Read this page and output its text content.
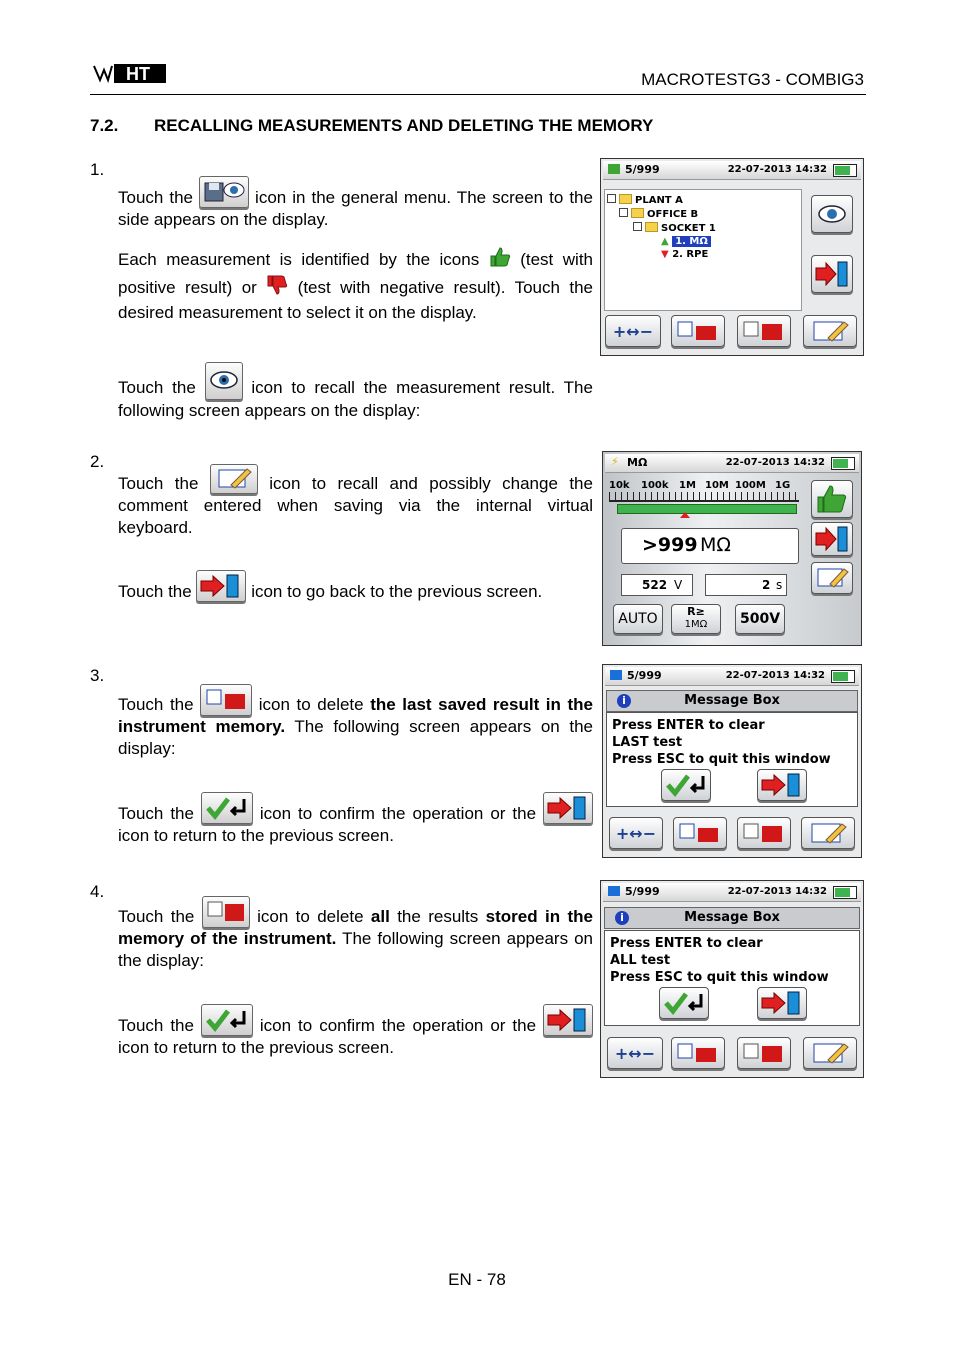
HT	MACROTESTG3 - COMBIG3
7.2. RECALLING MEASUREMENTS AND DELETING THE MEMORY
1.
Touch the	icon in the general menu. The screen to the side appears on the display.
Each measurement is identified by the icons (test with positive result) or (test with negative result). Touch the desired measurement to select it on the display.
Touch the	icon to recall the measurement result. The following screen appears on the display:
5/999	22-07-2013 14:32
PLANT A
OFFICE B
SOCKET 1
▲ 1. MΩ
▼ 2. RPE
+↔−
2.
Touch the	icon to recall and possibly change the comment entered when saving via the internal virtual keyboard.
Touch the	icon to go back to the previous screen.
⚡ MΩ	22-07-2013 14:32
10k 100k 1M 10M 100M 1G
>999 MΩ
522 V	2 s
AUTO	R≥
1MΩ	500V
3.
Touch the	icon to delete the last saved result in the instrument memory. The following screen appears on the display:
Touch the	icon to confirm the operation or the  icon to return to the previous screen.
5/999	22-07-2013 14:32
i	Message Box
Press ENTER to clear
LAST test
Press ESC to quit this window
+↔−
4.
Touch the	icon to delete all the results stored in the memory of the instrument. The following screen appears on the display:
Touch the	icon to confirm the operation or the  icon to return to the previous screen.
5/999	22-07-2013 14:32
i	Message Box
Press ENTER to clear
ALL test
Press ESC to quit this window
+↔−
EN - 78
